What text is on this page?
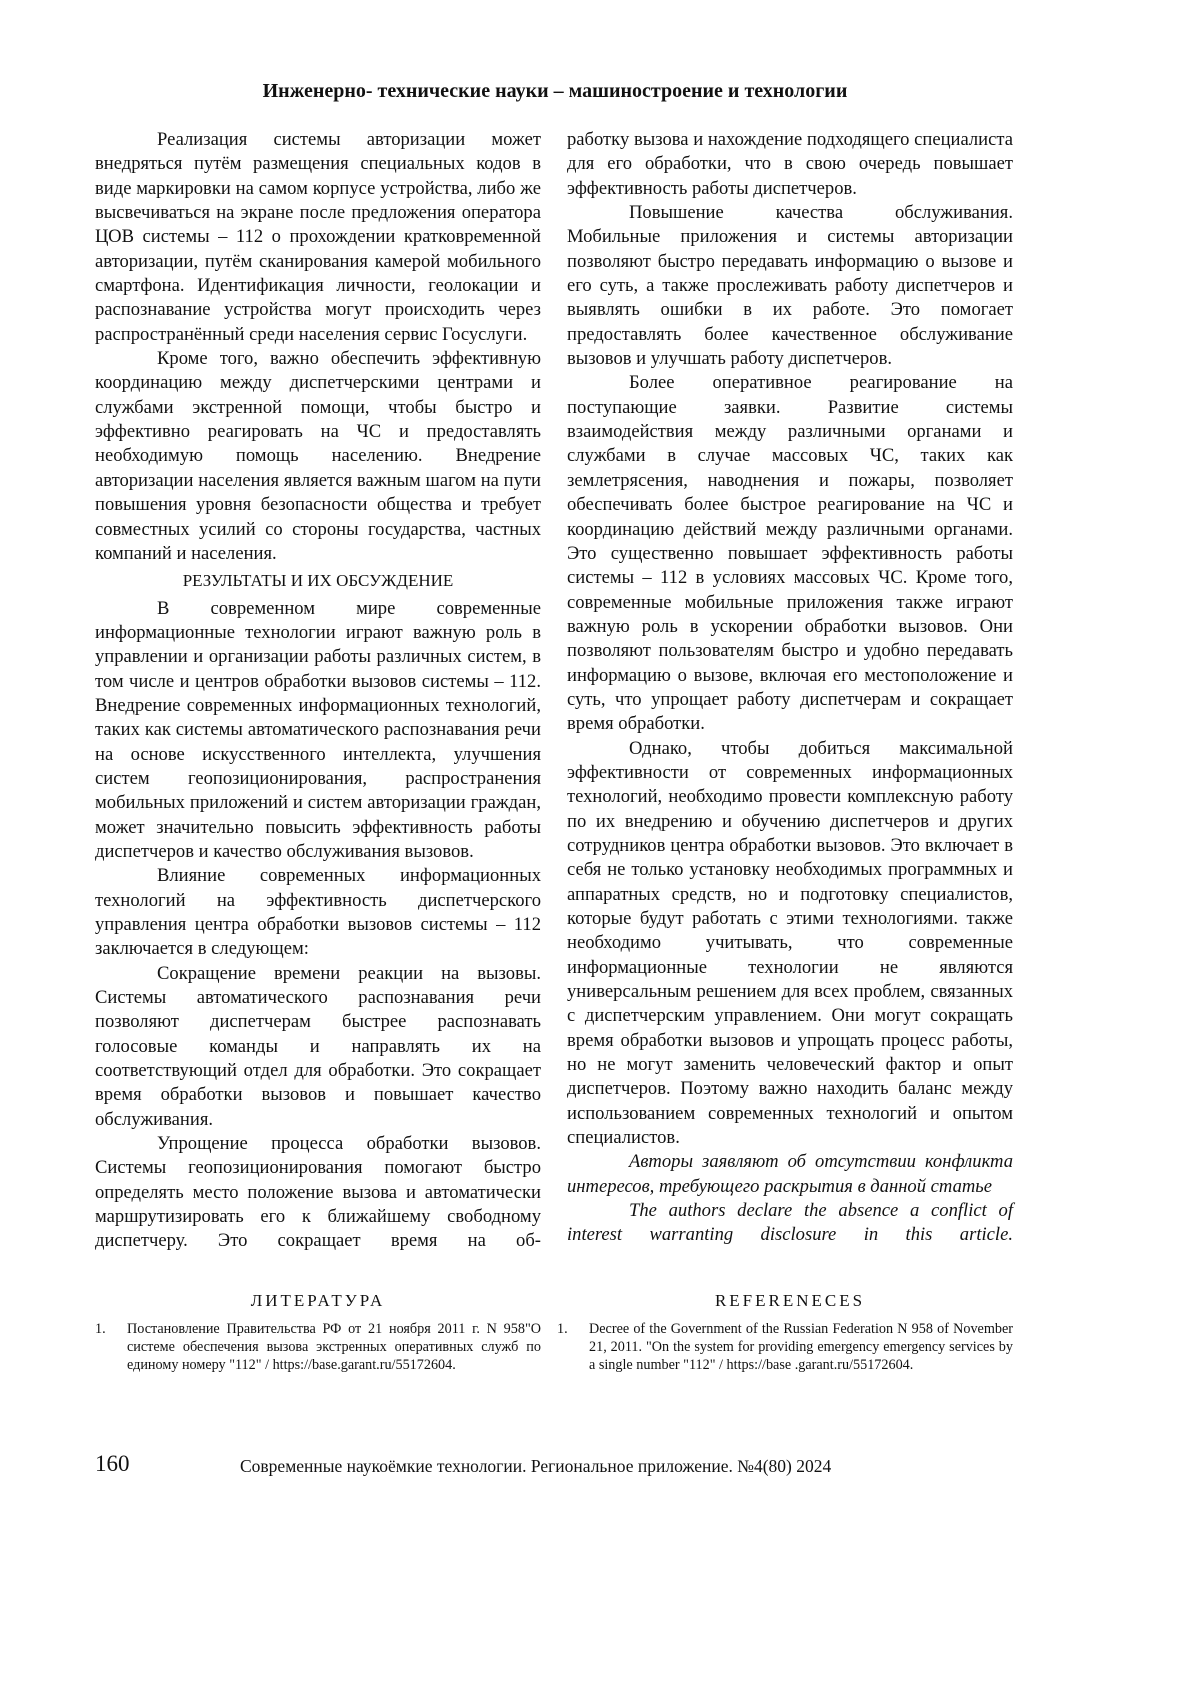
Инженерно- технические науки – машиностроение и технологии

Реализация системы авторизации может внедряться путём размещения специальных кодов в виде маркировки на самом корпусе устройства, либо же высвечиваться на экране после предложения оператора ЦОВ системы – 112 о прохождении кратковременной авторизации, путём сканирования камерой мобильного смартфона. Идентификация личности, геолокации и распознавание устройства могут происходить через распространённый среди населения сервис Госуслуги.

Кроме того, важно обеспечить эффективную координацию между диспетчерскими центрами и службами экстренной помощи, чтобы быстро и эффективно реагировать на ЧС и предоставлять необходимую помощь населению. Внедрение авторизации населения является важным шагом на пути повышения уровня безопасности общества и требует совместных усилий со стороны государства, частных компаний и населения.

РЕЗУЛЬТАТЫ И ИХ ОБСУЖДЕНИЕ

В современном мире современные информационные технологии играют важную роль в управлении и организации работы различных систем, в том числе и центров обработки вызовов системы – 112. Внедрение современных информационных технологий, таких как системы автоматического распознавания речи на основе искусственного интеллекта, улучшения систем геопозиционирования, распространения мобильных приложений и систем авторизации граждан, может значительно повысить эффективность работы диспетчеров и качество обслуживания вызовов.

Влияние современных информационных технологий на эффективность диспетчерского управления центра обработки вызовов системы – 112 заключается в следующем:

Сокращение времени реакции на вызовы. Системы автоматического распознавания речи позволяют диспетчерам быстрее распознавать голосовые команды и направлять их на соответствующий отдел для обработки. Это сокращает время обработки вызовов и повышает качество обслуживания.

Упрощение процесса обработки вызовов. Системы геопозиционирования помогают быстро определять место положение вызова и автоматически маршрутизировать его к ближайшему свободному диспетчеру. Это сокращает время на об-

работку вызова и нахождение подходящего специалиста для его обработки, что в свою очередь повышает эффективность работы диспетчеров.

Повышение качества обслуживания. Мобильные приложения и системы авторизации позволяют быстро передавать информацию о вызове и его суть, а также прослеживать работу диспетчеров и выявлять ошибки в их работе. Это помогает предоставлять более качественное обслуживание вызовов и улучшать работу диспетчеров.

Более оперативное реагирование на поступающие заявки. Развитие системы взаимодействия между различными органами и службами в случае массовых ЧС, таких как землетрясения, наводнения и пожары, позволяет обеспечивать более быстрое реагирование на ЧС и координацию действий между различными органами. Это существенно повышает эффективность работы системы – 112 в условиях массовых ЧС. Кроме того, современные мобильные приложения также играют важную роль в ускорении обработки вызовов. Они позволяют пользователям быстро и удобно передавать информацию о вызове, включая его местоположение и суть, что упрощает работу диспетчерам и сокращает время обработки.

Однако, чтобы добиться максимальной эффективности от современных информационных технологий, необходимо провести комплексную работу по их внедрению и обучению диспетчеров и других сотрудников центра обработки вызовов. Это включает в себя не только установку необходимых программных и аппаратных средств, но и подготовку специалистов, которые будут работать с этими технологиями. также необходимо учитывать, что современные информационные технологии не являются универсальным решением для всех проблем, связанных с диспетчерским управлением. Они могут сокращать время обработки вызовов и упрощать процесс работы, но не могут заменить человеческий фактор и опыт диспетчеров. Поэтому важно находить баланс между использованием современных технологий и опытом специалистов.

Авторы заявляют об отсутствии конфликта интересов, требующего раскрытия в данной статье

The authors declare the absence a conflict of interest warranting disclosure in this article.

ЛИТЕРАТУРА	REFERENECES
1.	Постановление Правительства РФ от 21 ноября 2011 г. N 958"О системе обеспечения вызова экстренных оперативных служб по единому номеру "112" / https://base.garant.ru/55172604.
1.	Decree of the Government of the Russian Federation N 958 of November 21, 2011. "On the system for providing emergency emergency services by a single number "112" / https://base .garant.ru/55172604.
160	Современные наукоёмкие технологии. Региональное приложение. №4(80) 2024
